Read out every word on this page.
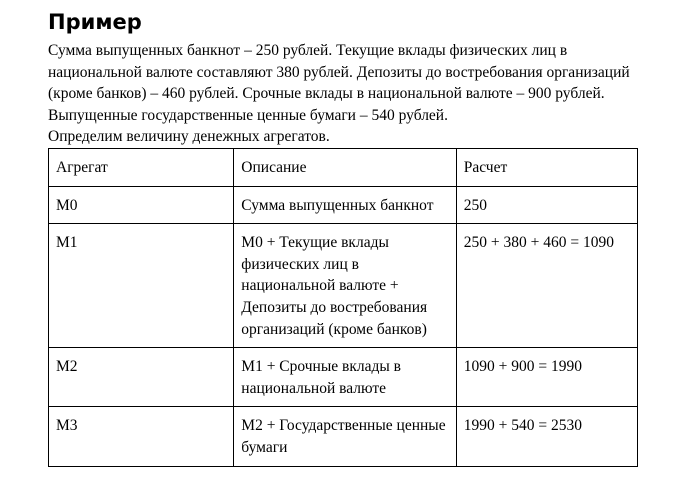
Пример

Сумма выпущенных банкнот – 250 рублей. Текущие вклады физических лиц в
национальной валюте составляют 380 рублей. Депозиты до востребования организаций
(кроме банков) – 460 рублей. Срочные вклады в национальной валюте – 900 рублей.
Выпущенные государственные ценные бумаги – 540 рублей.
Определим величину денежных агрегатов.

Агрегат	Описание	Расчет
M0	Сумма выпущенных банкнот	250
M1	M0 + Текущие вклады физических лиц в национальной валюте + Депозиты до востребования организаций (кроме банков)	250 + 380 + 460 = 1090
M2	M1 + Срочные вклады в национальной валюте	1090 + 900 = 1990
M3	M2 + Государственные ценные бумаги	1990 + 540 = 2530
